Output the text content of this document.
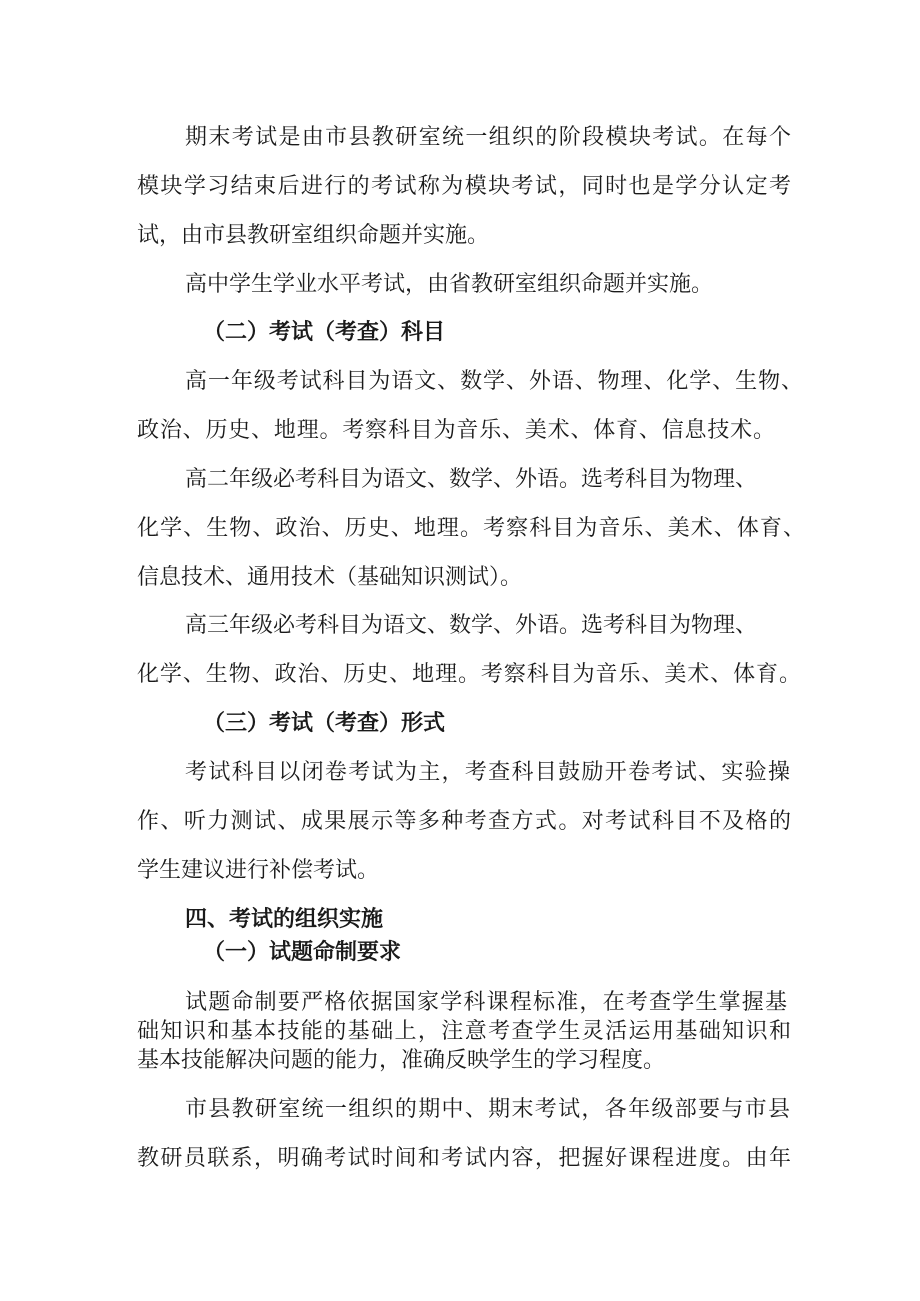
期末考试是由市县教研室统一组织的阶段模块考试。在每个
模块学习结束后进行的考试称为模块考试，同时也是学分认定考
试，由市县教研室组织命题并实施。
高中学生学业水平考试，由省教研室组织命题并实施。
（二）考试（考查）科目
高一年级考试科目为语文、数学、外语、物理、化学、生物、
政治、历史、地理。考察科目为音乐、美术、体育、信息技术。
高二年级必考科目为语文、数学、外语。选考科目为物理、
化学、生物、政治、历史、地理。考察科目为音乐、美术、体育、
信息技术、通用技术（基础知识测试）。
高三年级必考科目为语文、数学、外语。选考科目为物理、
化学、生物、政治、历史、地理。考察科目为音乐、美术、体育。
（三）考试（考查）形式
考试科目以闭卷考试为主，考查科目鼓励开卷考试、实验操
作、听力测试、成果展示等多种考查方式。对考试科目不及格的
学生建议进行补偿考试。
四、考试的组织实施
（一）试题命制要求
试题命制要严格依据国家学科课程标准，在考查学生掌握基
础知识和基本技能的基础上，注意考查学生灵活运用基础知识和
基本技能解决问题的能力，准确反映学生的学习程度。
市县教研室统一组织的期中、期末考试，各年级部要与市县
教研员联系，明确考试时间和考试内容，把握好课程进度。由年
